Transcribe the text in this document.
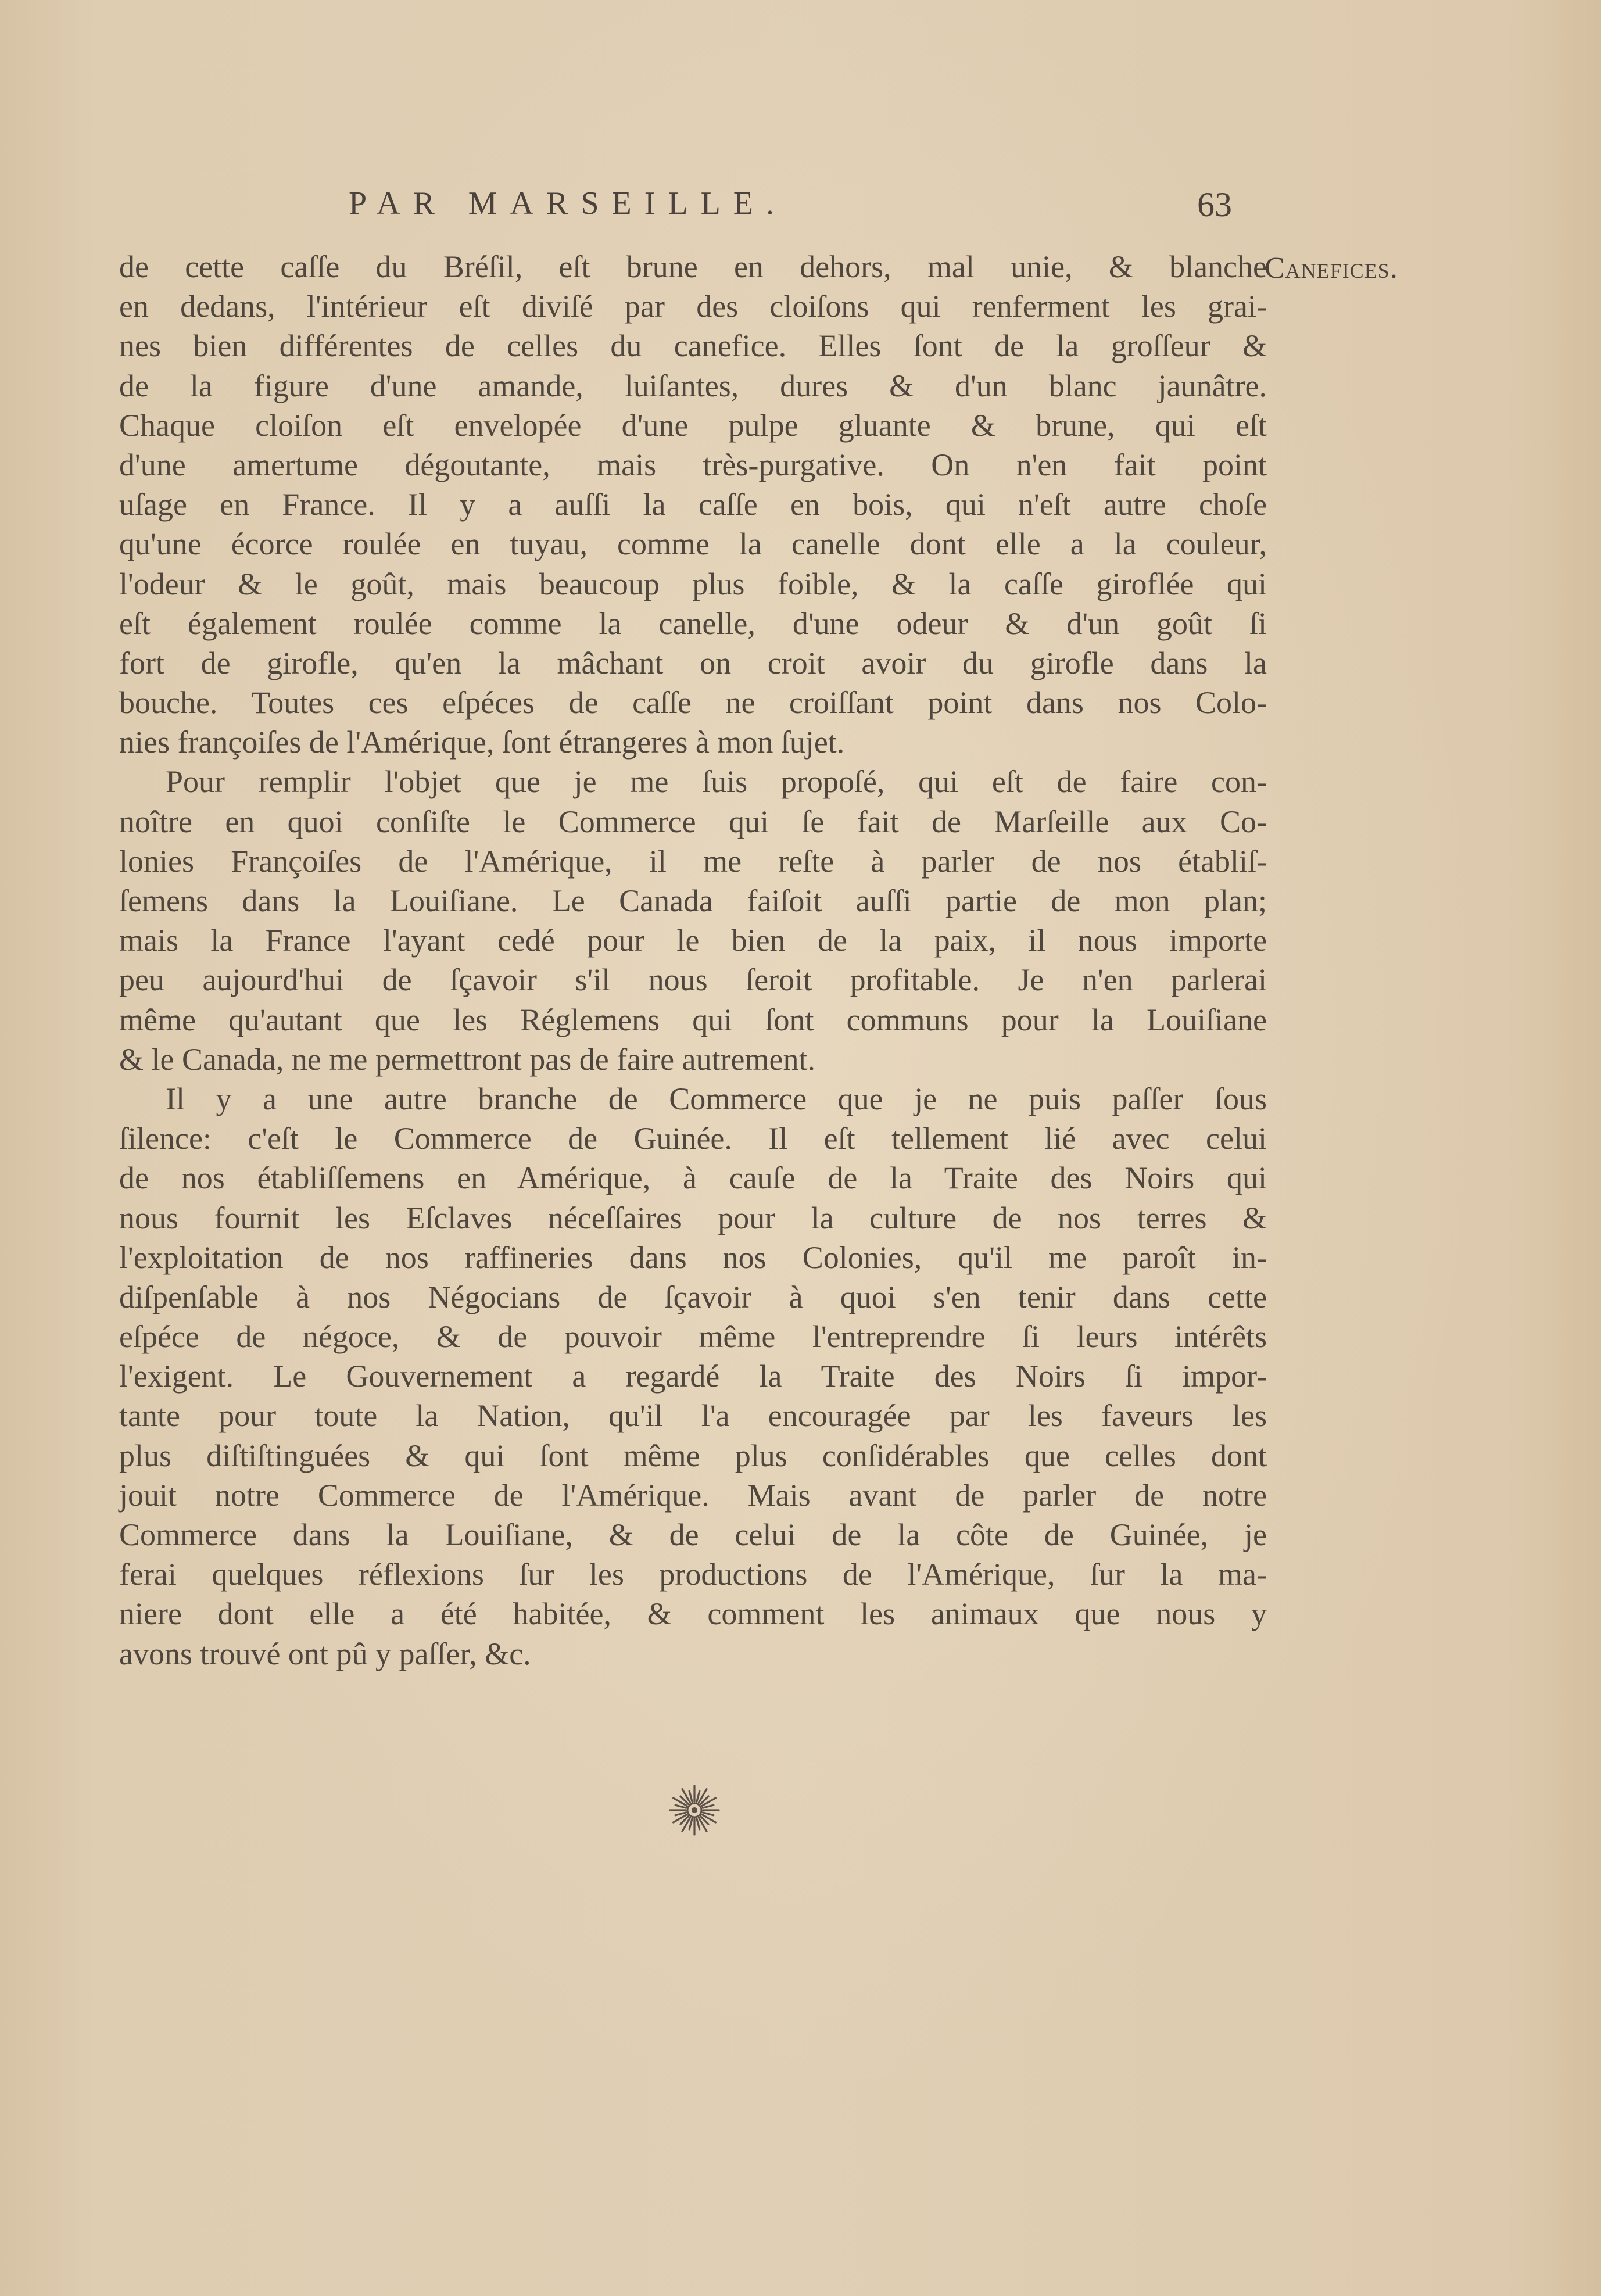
PAR MARSEILLE.	63
Canefices.
de cette caſſe du Bréſil, eſt brune en dehors, mal unie, & blanche
en dedans, l'intérieur eſt diviſé par des cloiſons qui renferment les grai-
nes bien différentes de celles du canefice. Elles ſont de la groſſeur &
de la figure d'une amande, luiſantes, dures & d'un blanc jaunâtre.
Chaque cloiſon eſt envelopée d'une pulpe gluante & brune, qui eſt
d'une amertume dégoutante, mais très-purgative. On n'en fait point
uſage en France. Il y a auſſi la caſſe en bois, qui n'eſt autre choſe
qu'une écorce roulée en tuyau, comme la canelle dont elle a la couleur,
l'odeur & le goût, mais beaucoup plus foible, & la caſſe giroflée qui
eſt également roulée comme la canelle, d'une odeur & d'un goût ſi
fort de girofle, qu'en la mâchant on croit avoir du girofle dans la
bouche. Toutes ces eſpéces de caſſe ne croiſſant point dans nos Colo-
nies françoiſes de l'Amérique, ſont étrangeres à mon ſujet.
Pour remplir l'objet que je me ſuis propoſé, qui eſt de faire con-
noître en quoi conſiſte le Commerce qui ſe fait de Marſeille aux Co-
lonies Françoiſes de l'Amérique, il me reſte à parler de nos établiſ-
ſemens dans la Louiſiane. Le Canada faiſoit auſſi partie de mon plan;
mais la France l'ayant cedé pour le bien de la paix, il nous importe
peu aujourd'hui de ſçavoir s'il nous ſeroit profitable. Je n'en parlerai
même qu'autant que les Réglemens qui ſont communs pour la Louiſiane
& le Canada, ne me permettront pas de faire autrement.
Il y a une autre branche de Commerce que je ne puis paſſer ſous
ſilence: c'eſt le Commerce de Guinée. Il eſt tellement lié avec celui
de nos établiſſemens en Amérique, à cauſe de la Traite des Noirs qui
nous fournit les Eſclaves néceſſaires pour la culture de nos terres &
l'exploitation de nos raffineries dans nos Colonies, qu'il me paroît in-
diſpenſable à nos Négocians de ſçavoir à quoi s'en tenir dans cette
eſpéce de négoce, & de pouvoir même l'entreprendre ſi leurs intérêts
l'exigent. Le Gouvernement a regardé la Traite des Noirs ſi impor-
tante pour toute la Nation, qu'il l'a encouragée par les faveurs les
plus diſtiſtinguées & qui ſont même plus conſidérables que celles dont
jouit notre Commerce de l'Amérique. Mais avant de parler de notre
Commerce dans la Louiſiane, & de celui de la côte de Guinée, je
ferai quelques réflexions ſur les productions de l'Amérique, ſur la ma-
niere dont elle a été habitée, & comment les animaux que nous y
avons trouvé ont pû y paſſer, &c.
